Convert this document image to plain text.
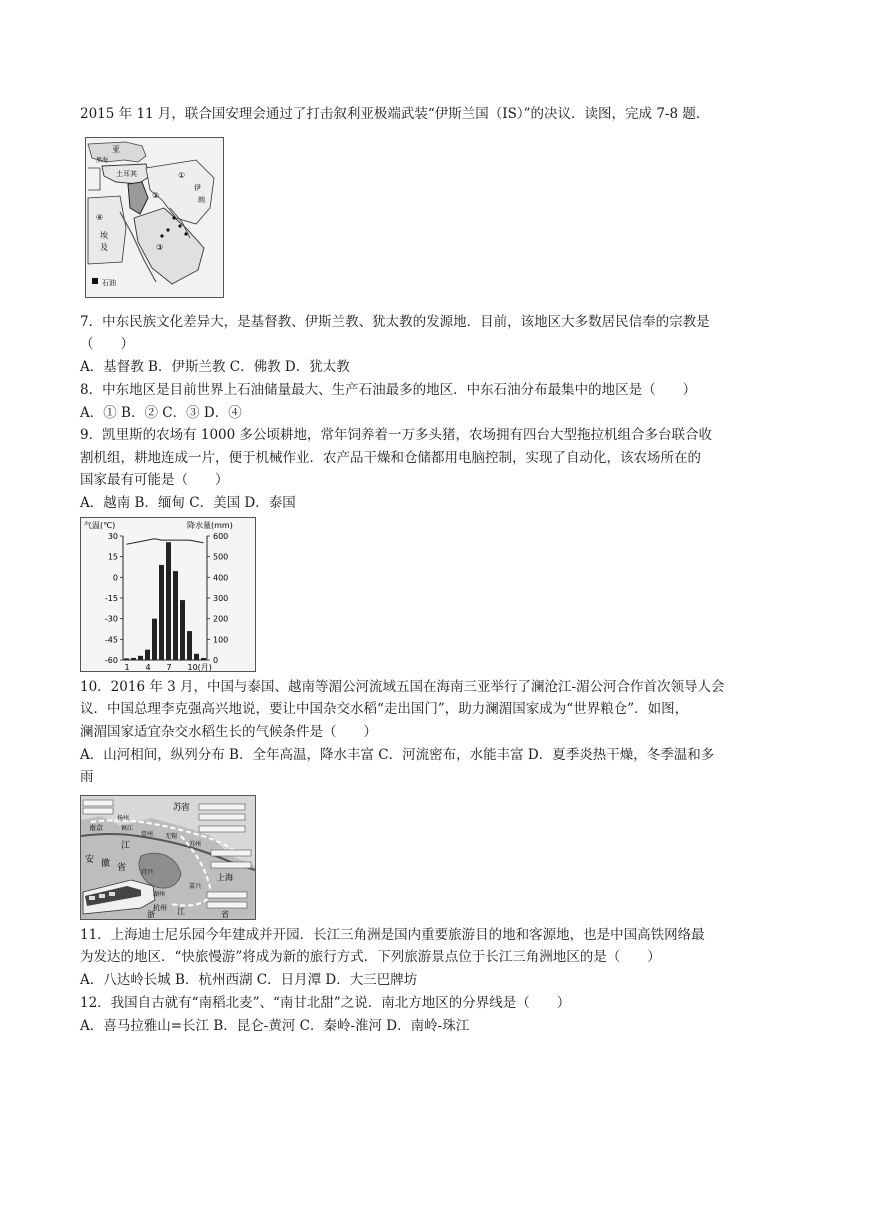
2015 年 11 月，联合国安理会通过了打击叙利亚极端武装“伊斯兰国（IS）”的决议．读图，完成 7-8 题．
亚
黑海
①
土耳其
④
②
伊
朗
埃
及	③
石油
7．中东民族文化差异大，是基督教、伊斯兰教、犹太教的发源地．目前，该地区大多数居民信奉的宗教是
（　　）
A．基督教 B．伊斯兰教 C．佛教 D．犹太教
8．中东地区是目前世界上石油储量最大、生产石油最多的地区．中东石油分布最集中的地区是（　　）
A．① B．② C．③ D．④
9．凯里斯的农场有 1000 多公顷耕地，常年饲养着一万多头猪，农场拥有四台大型拖拉机组合多台联合收
割机组，耕地连成一片，便于机械作业．农产品干燥和仓储都用电脑控制，实现了自动化，该农场所在的
国家最有可能是（　　）
A．越南 B．缅甸 C．美国 D．泰国
气温(℃)	降水量(mm)
30
15
0
-15
-30
-45
-60
600
500
400
300
200
100
0
1 4 7 10(月)
10．2016 年 3 月，中国与泰国、越南等湄公河流域五国在海南三亚举行了澜沧江-湄公河合作首次领导人会
议．中国总理李克强高兴地说，要让中国杂交水稻“走出国门”，助力澜湄国家成为“世界粮仓”．如图，
澜湄国家适宜杂交水稻生长的气候条件是（　　）
A．山河相间，纵列分布 B．全年高温，降水丰富 C．河流密布，水能丰富 D．夏季炎热干燥，冬季温和多
雨
苏
省
南京
扬州
镇江
常州 无锡
苏州
江
安 徽 省
上海
湖州
嘉兴
宜兴
杭州
浙	江	省
11．上海迪士尼乐园今年建成并开园．长江三角洲是国内重要旅游目的地和客源地，也是中国高铁网络最
为发达的地区．“快旅慢游”将成为新的旅行方式．下列旅游景点位于长江三角洲地区的是（　　）
A．八达岭长城 B．杭州西湖 C．日月潭 D．大三巴牌坊
12．我国自古就有“南稻北麦”、“南甘北甜”之说．南北方地区的分界线是（　　）
A．喜马拉雅山=长江 B．昆仑-黄河 C．秦岭-淮河 D．南岭-珠江
